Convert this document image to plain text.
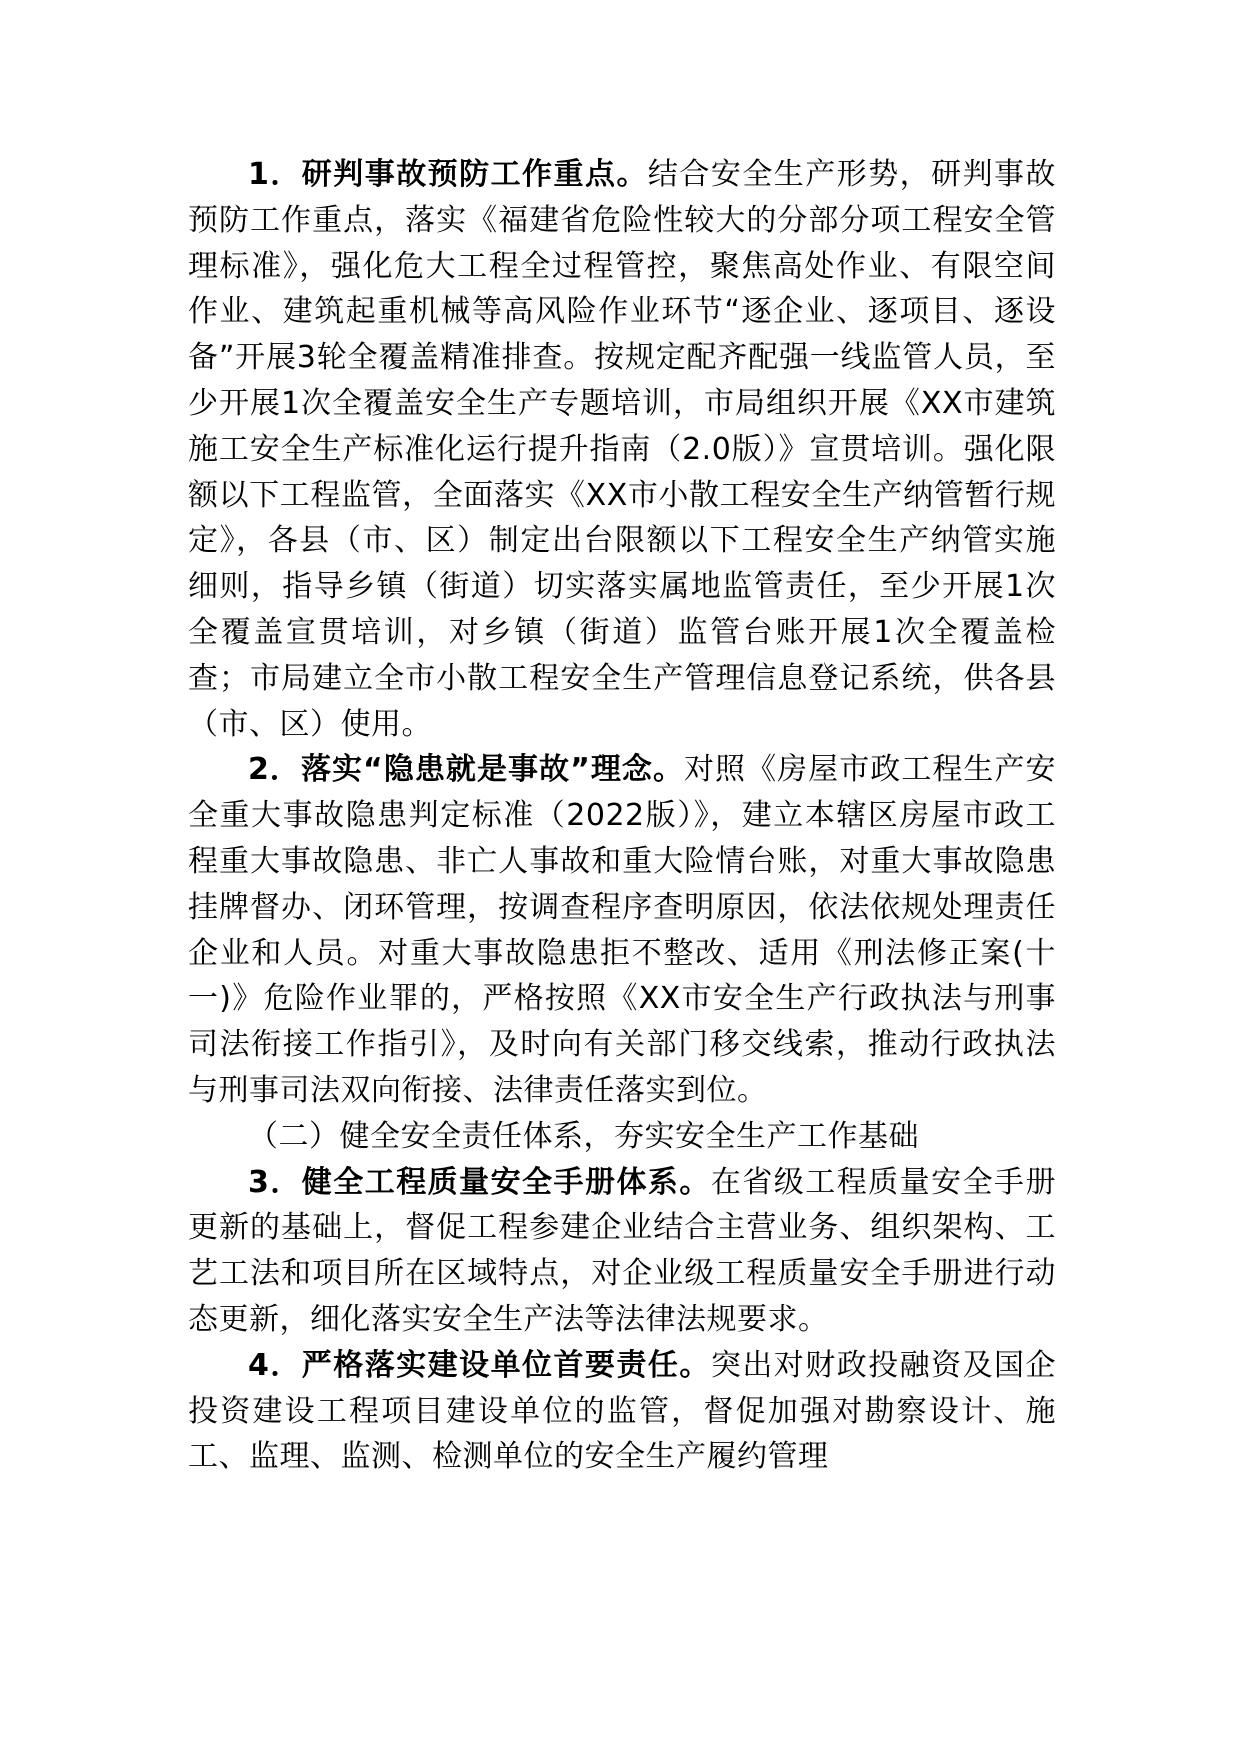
1．研判事故预防工作重点。结合安全生产形势，研判事故预防工作重点，落实《福建省危险性较大的分部分项工程安全管理标准》，强化危大工程全过程管控，聚焦高处作业、有限空间作业、建筑起重机械等高风险作业环节“逐企业、逐项目、逐设备”开展3轮全覆盖精准排查。按规定配齐配强一线监管人员，至少开展1次全覆盖安全生产专题培训，市局组织开展《XX市建筑施工安全生产标准化运行提升指南（2.0版）》宣贯培训。强化限额以下工程监管，全面落实《XX市小散工程安全生产纳管暂行规定》，各县（市、区）制定出台限额以下工程安全生产纳管实施细则，指导乡镇（街道）切实落实属地监管责任，至少开展1次全覆盖宣贯培训，对乡镇（街道）监管台账开展1次全覆盖检查；市局建立全市小散工程安全生产管理信息登记系统，供各县（市、区）使用。

2．落实“隐患就是事故”理念。对照《房屋市政工程生产安全重大事故隐患判定标准（2022版）》，建立本辖区房屋市政工程重大事故隐患、非亡人事故和重大险情台账，对重大事故隐患挂牌督办、闭环管理，按调查程序查明原因，依法依规处理责任企业和人员。对重大事故隐患拒不整改、适用《刑法修正案(十一)》危险作业罪的，严格按照《XX市安全生产行政执法与刑事司法衔接工作指引》，及时向有关部门移交线索，推动行政执法与刑事司法双向衔接、法律责任落实到位。

（二）健全安全责任体系，夯实安全生产工作基础

3．健全工程质量安全手册体系。在省级工程质量安全手册更新的基础上，督促工程参建企业结合主营业务、组织架构、工艺工法和项目所在区域特点，对企业级工程质量安全手册进行动态更新，细化落实安全生产法等法律法规要求。

4．严格落实建设单位首要责任。突出对财政投融资及国企投资建设工程项目建设单位的监管，督促加强对勘察设计、施工、监理、监测、检测单位的安全生产履约管理
